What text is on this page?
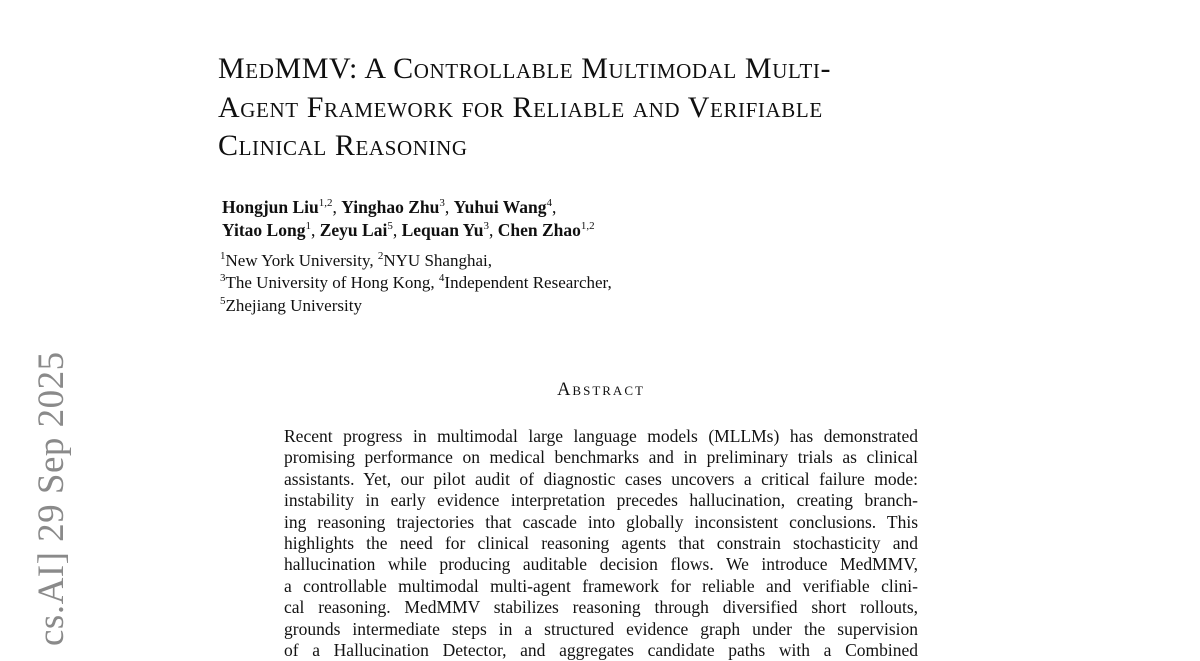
cs.AI] 29 Sep 2025
MedMMV: A Controllable Multimodal Multi-
Agent Framework for Reliable and Verifiable
Clinical Reasoning
Hongjun Liu$^{1,2}$, Yinghao Zhu$^3$, Yuhui Wang$^4$,
Yitao Long$^1$, Zeyu Lai$^5$, Lequan Yu$^3$, Chen Zhao$^{1,2}$
$^1$New York University, $^2$NYU Shanghai,
$^3$The University of Hong Kong, $^4$Independent Researcher,
$^5$Zhejiang University
Abstract
Recent progress in multimodal large language models (MLLMs) has demonstrated
promising performance on medical benchmarks and in preliminary trials as clinical
assistants. Yet, our pilot audit of diagnostic cases uncovers a critical failure mode:
instability in early evidence interpretation precedes hallucination, creating branch-
ing reasoning trajectories that cascade into globally inconsistent conclusions. This
highlights the need for clinical reasoning agents that constrain stochasticity and
hallucination while producing auditable decision flows. We introduce MedMMV,
a controllable multimodal multi-agent framework for reliable and verifiable clini-
cal reasoning. MedMMV stabilizes reasoning through diversified short rollouts,
grounds intermediate steps in a structured evidence graph under the supervision
of a Hallucination Detector, and aggregates candidate paths with a Combined
